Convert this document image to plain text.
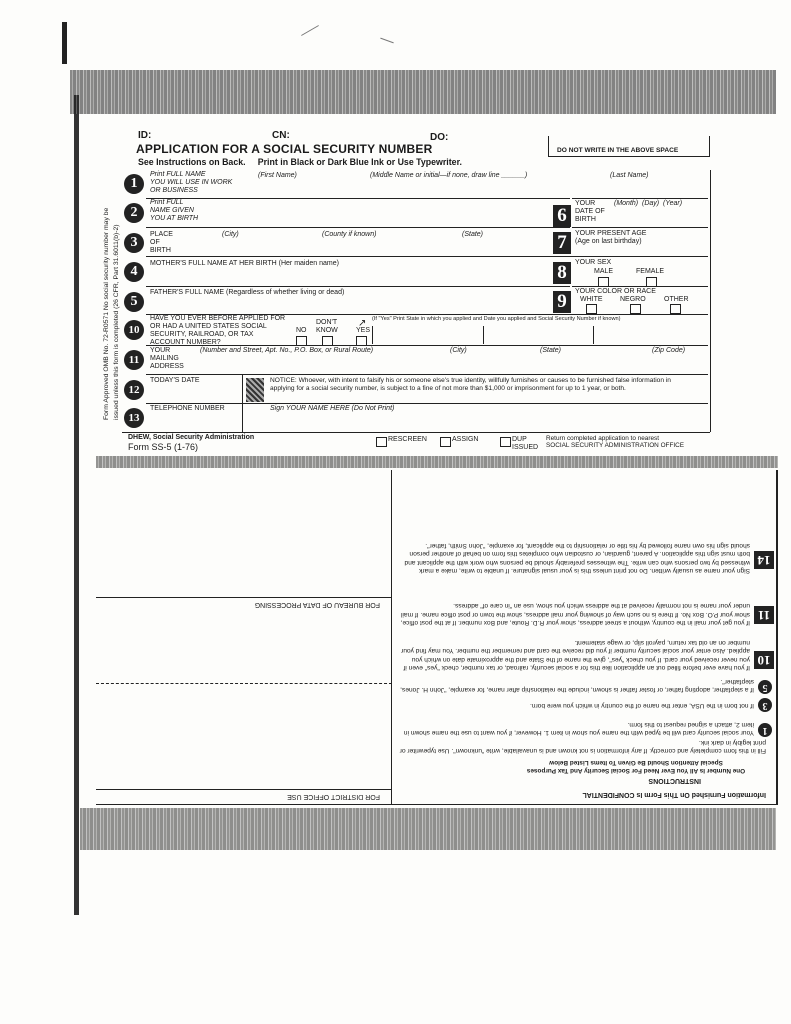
Form Approved OMB No. 72-R0571 No social security number may be issued unless this form is completed (26 CFR, Part 31.6011(b)-2)
ID:	CN:	DO:
APPLICATION FOR A SOCIAL SECURITY NUMBER
See Instructions on Back.     Print in Black or Dark Blue Ink or Use Typewriter.
DO NOT WRITE IN THE ABOVE SPACE
1
Print FULL NAME
YOU WILL USE IN WORK
OR BUSINESS
(First Name)	(Middle Name or initial—if none, draw line ______)	(Last Name)
2
Print FULL
NAME GIVEN
YOU AT BIRTH	6
YOUR
DATE OF
BIRTH
(Month)  (Day)  (Year)
3
PLACE
OF
BIRTH
(City)	(County if known)	(State)	7	YOUR PRESENT AGE
(Age on last birthday)
4
MOTHER'S FULL NAME AT HER BIRTH (Her maiden name)	8	YOUR SEX
MALE	FEMALE
5
FATHER'S FULL NAME (Regardless of whether living or dead)	9	YOUR COLOR OR RACE
WHITE NEGRO	OTHER
10
HAVE YOU EVER BEFORE APPLIED FOR
OR HAD A UNITED STATES SOCIAL
SECURITY, RAILROAD, OR TAX
ACCOUNT NUMBER?
NO
DON'T
KNOW	YES
↗ (If "Yes" Print State in which you applied and Date you applied and Social Security Number if known)
11
YOUR
MAILING
ADDRESS
(Number and Street, Apt. No., P.O. Box, or Rural Route)	(City)	(State)	(Zip Code)
12
TODAY'S DATE	NOTICE: Whoever, with intent to falsify his or someone else's true identity, willfully furnishes or causes to be furnished false information in applying for a social security number, is subject to a fine of not more than $1,000 or imprisonment for up to 1 year, or both.
13
TELEPHONE NUMBER	Sign YOUR NAME HERE (Do Not Print)
DHEW, Social Security Administration
Form SS-5 (1-76)
RESCREEN	ASSIGN	DUP
ISSUED
Return completed application to nearest
SOCIAL SECURITY ADMINISTRATION OFFICE
Information Furnished On This Form Is CONFIDENTIAL
INSTRUCTIONS
One Number Is All You Ever Need For Social Security And Tax Purposes
Special Attention Should Be Given To Items Listed Below
Fill in this form completely and correctly. If any information is not known and is unavailable, write "unknown". Use typewriter or print legibly in dark ink.
1
Your social security card will be typed with the name you show in item 1. However, if you want to use the name shown in item 2, attach a signed request to this form.
3
If not born in the USA, enter the name of the country in which you were born.
5
If a stepfather, adopting father, or foster father is shown, include the relationship after name, for example, "John H. Jones, stepfather".
10
If you have ever before filled out an application like this for a social security, railroad, or tax number, check "yes" even if you never received your card. If you check "yes", give the name of the State and the approximate date on which you applied. Also enter your social security number if you did receive the card and remember the number. You may find your number on an old tax return, payroll slip, or wage statement.
11
If you get your mail in the country, without a street address, show your R.D. Route, and Box number. If at the post office, show your P.O. Box No. If there is no such way of showing your mail address, show the town or post office name. If mail under your name is not normally received at the address which you show, use an "in care of" address.
14
Sign your name as usually written. Do not print unless this is your usual signature. If unable to write, make a mark witnessed by two persons who can write. The witnesses preferably should be persons who work with the applicant and both must sign this application. A parent, guardian, or custodian who completes this form on behalf of another person should sign his own name followed by his title or relationship to the applicant, for example, "John Smith, father".
FOR DISTRICT OFFICE USE
FOR BUREAU OF DATA PROCESSING
